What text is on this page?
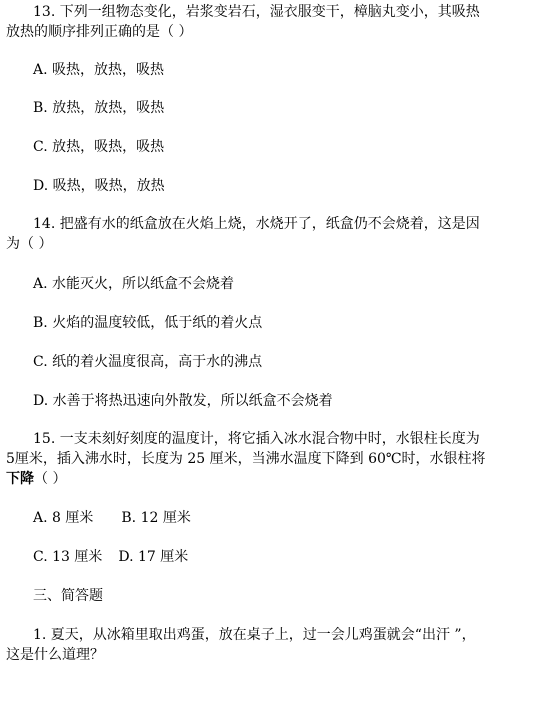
13. 下列一组物态变化，岩浆变岩石，湿衣服变干，樟脑丸变小，其吸热
放热的顺序排列正确的是（ ）
A. 吸热，放热，吸热
B. 放热，放热，吸热
C. 放热，吸热，吸热
D. 吸热，吸热，放热
14. 把盛有水的纸盒放在火焰上烧，水烧开了，纸盒仍不会烧着，这是因
为（ ）
A. 水能灭火，所以纸盒不会烧着
B. 火焰的温度较低，低于纸的着火点
C. 纸的着火温度很高，高于水的沸点
D. 水善于将热迅速向外散发，所以纸盒不会烧着
15. 一支未刻好刻度的温度计，将它插入冰水混合物中时，水银柱长度为
5厘米，插入沸水时，长度为 25 厘米，当沸水温度下降到 60℃时，水银柱将
下降（ ）
A. 8 厘米 B. 12 厘米
C. 13 厘米 D. 17 厘米
三、简答题
1. 夏天，从冰箱里取出鸡蛋，放在桌子上，过一会儿鸡蛋就会“出汗 ”，
这是什么道理？
